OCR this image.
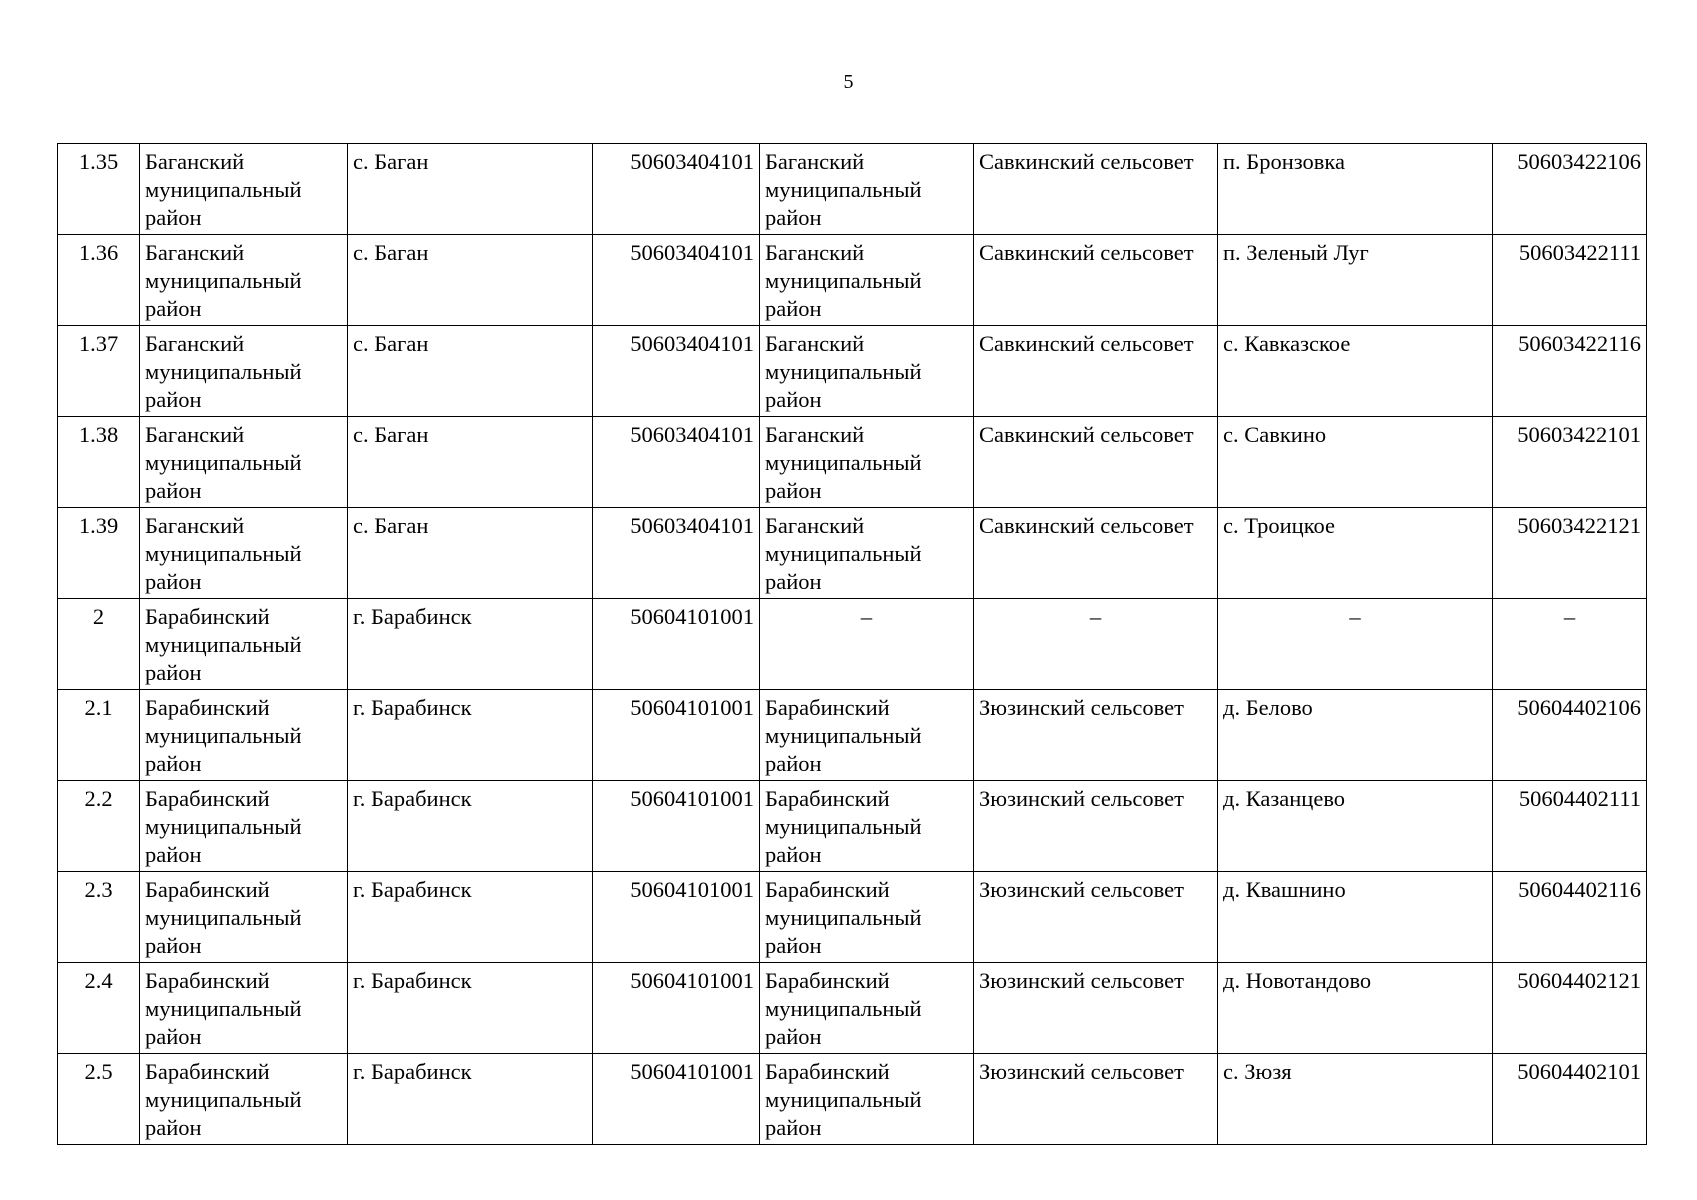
5
1.35	Баганский муниципальный район	с. Баган	50603404101	Баганский муниципальный район	Савкинский сельсовет	п. Бронзовка	50603422106
1.36	Баганский муниципальный район	с. Баган	50603404101	Баганский муниципальный район	Савкинский сельсовет	п. Зеленый Луг	50603422111
1.37	Баганский муниципальный район	с. Баган	50603404101	Баганский муниципальный район	Савкинский сельсовет	с. Кавказское	50603422116
1.38	Баганский муниципальный район	с. Баган	50603404101	Баганский муниципальный район	Савкинский сельсовет	с. Савкино	50603422101
1.39	Баганский муниципальный район	с. Баган	50603404101	Баганский муниципальный район	Савкинский сельсовет	с. Троицкое	50603422121
2	Барабинский муниципальный район	г. Барабинск	50604101001	–	–	–	–
2.1	Барабинский муниципальный район	г. Барабинск	50604101001	Барабинский муниципальный район	Зюзинский сельсовет	д. Белово	50604402106
2.2	Барабинский муниципальный район	г. Барабинск	50604101001	Барабинский муниципальный район	Зюзинский сельсовет	д. Казанцево	50604402111
2.3	Барабинский муниципальный район	г. Барабинск	50604101001	Барабинский муниципальный район	Зюзинский сельсовет	д. Квашнино	50604402116
2.4	Барабинский муниципальный район	г. Барабинск	50604101001	Барабинский муниципальный район	Зюзинский сельсовет	д. Новотандово	50604402121
2.5	Барабинский муниципальный район	г. Барабинск	50604101001	Барабинский муниципальный район	Зюзинский сельсовет	с. Зюзя	50604402101
